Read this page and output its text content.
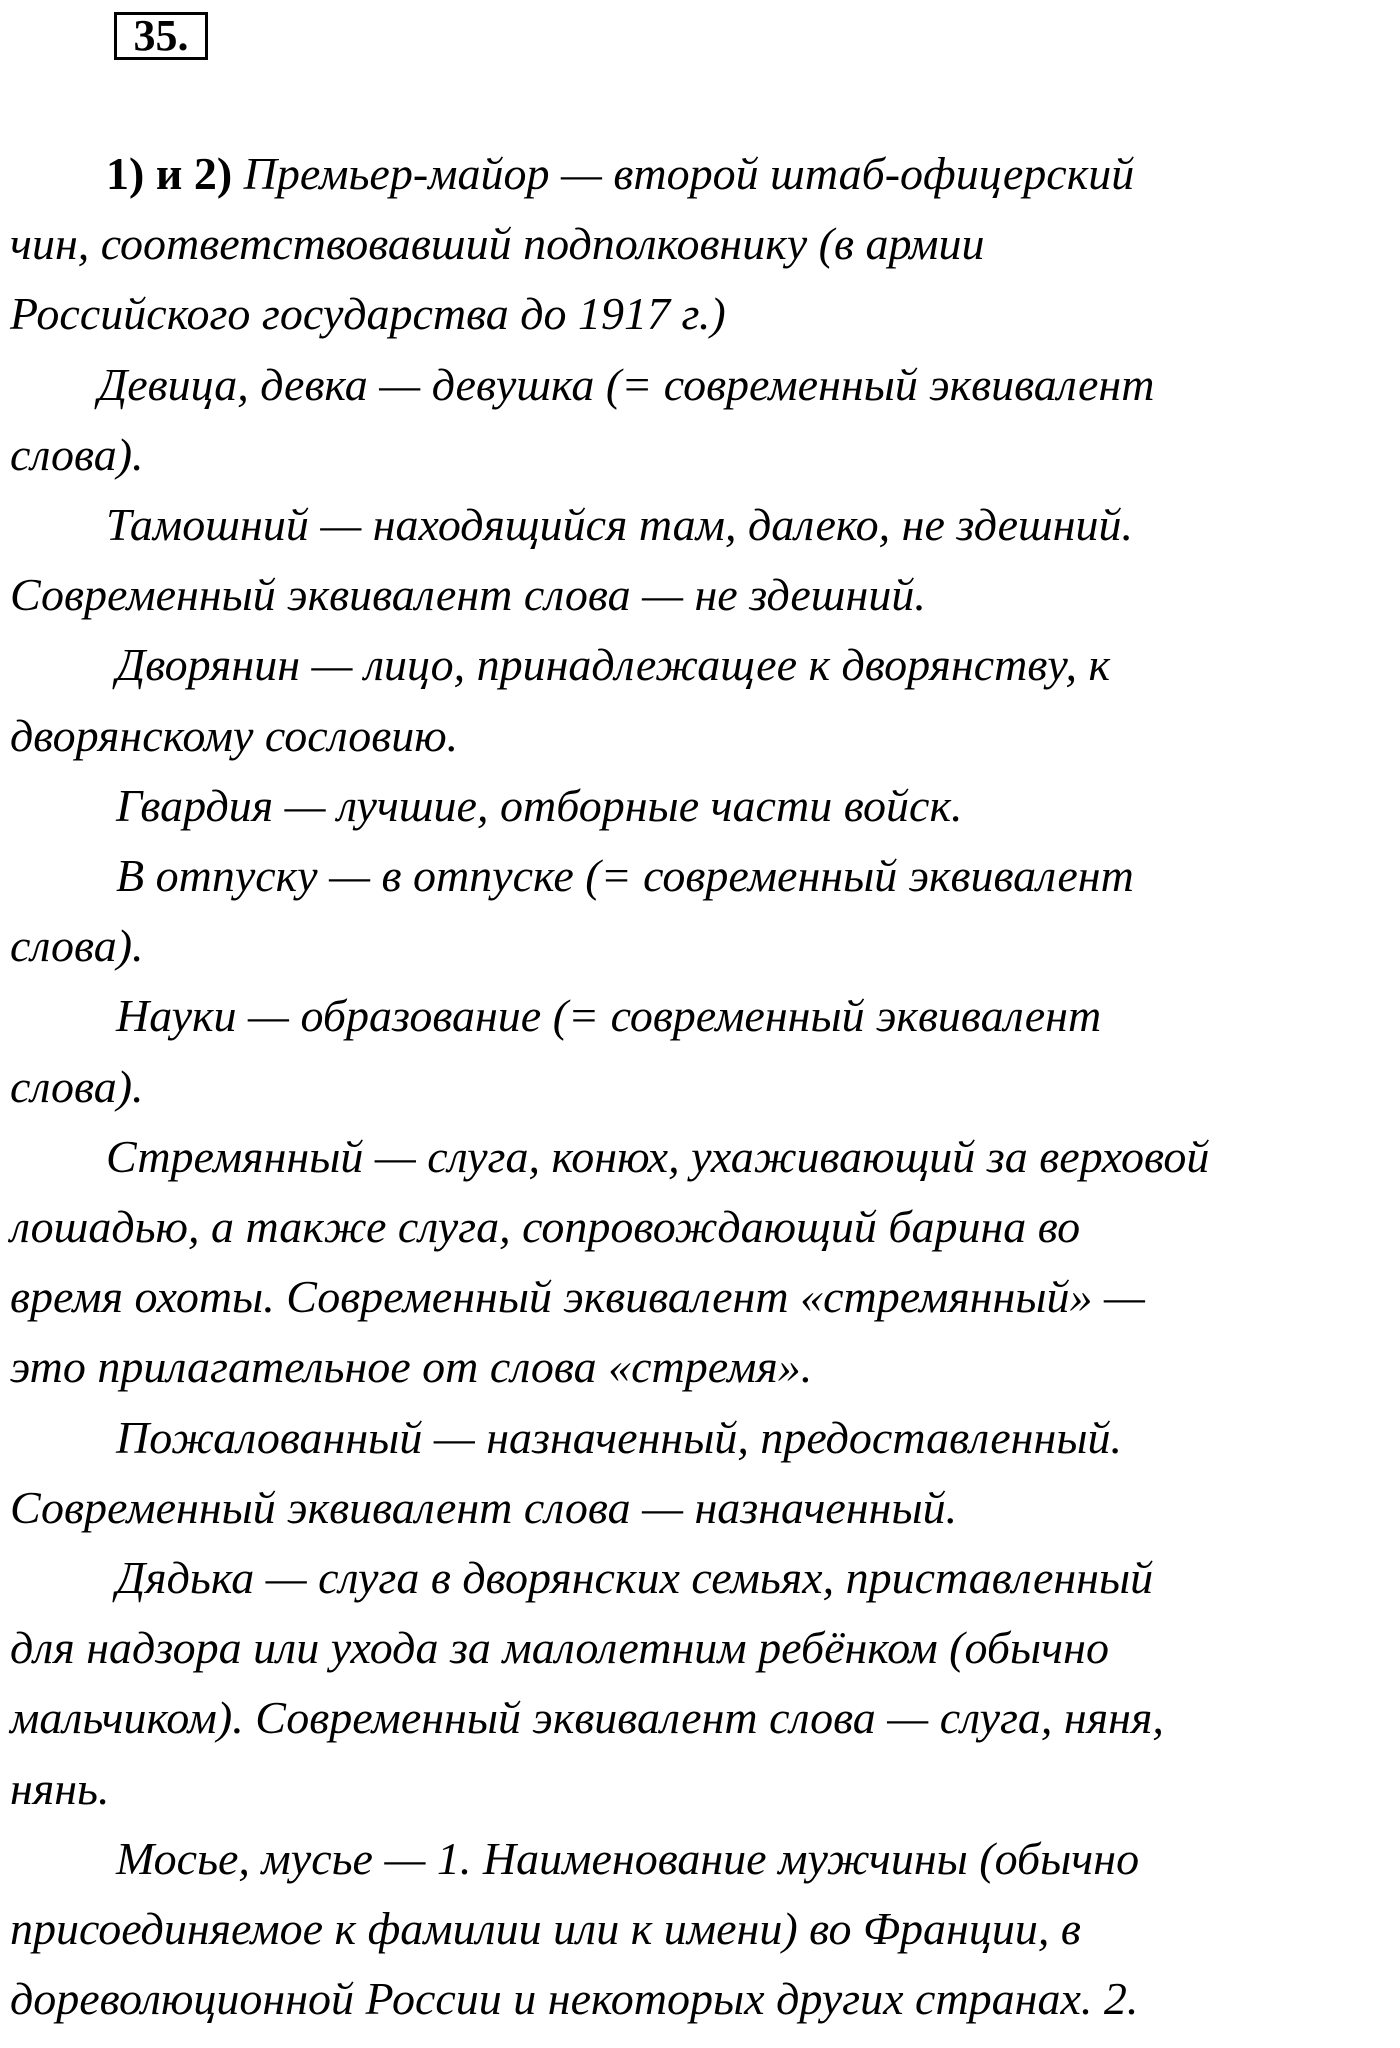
35.
1) и 2) Премьер-майор — второй штаб-офицерский
чин, соответствовавший подполковнику (в армии
Российского государства до 1917 г.)
Девица, девка — девушка (= современный эквивалент
слова).
Тамошний — находящийся там, далеко, не здешний.
Современный эквивалент слова — не здешний.
Дворянин — лицо, принадлежащее к дворянству, к
дворянскому сословию.
Гвардия — лучшие, отборные части войск.
В отпуску — в отпуске (= современный эквивалент
слова).
Науки — образование (= современный эквивалент
слова).
Стремянный — слуга, конюх, ухаживающий за верховой
лошадью, а также слуга, сопровождающий барина во
время охоты. Современный эквивалент «стремянный» —
это прилагательное от слова «стремя».
Пожалованный — назначенный, предоставленный.
Современный эквивалент слова — назначенный.
Дядька — слуга в дворянских семьях, приставленный
для надзора или ухода за малолетним ребёнком (обычно
мальчиком). Современный эквивалент слова — слуга, няня,
нянь.
Мосье, мусье — 1. Наименование мужчины (обычно
присоединяемое к фамилии или к имени) во Франции, в
дореволюционной России и некоторых других странах. 2.
